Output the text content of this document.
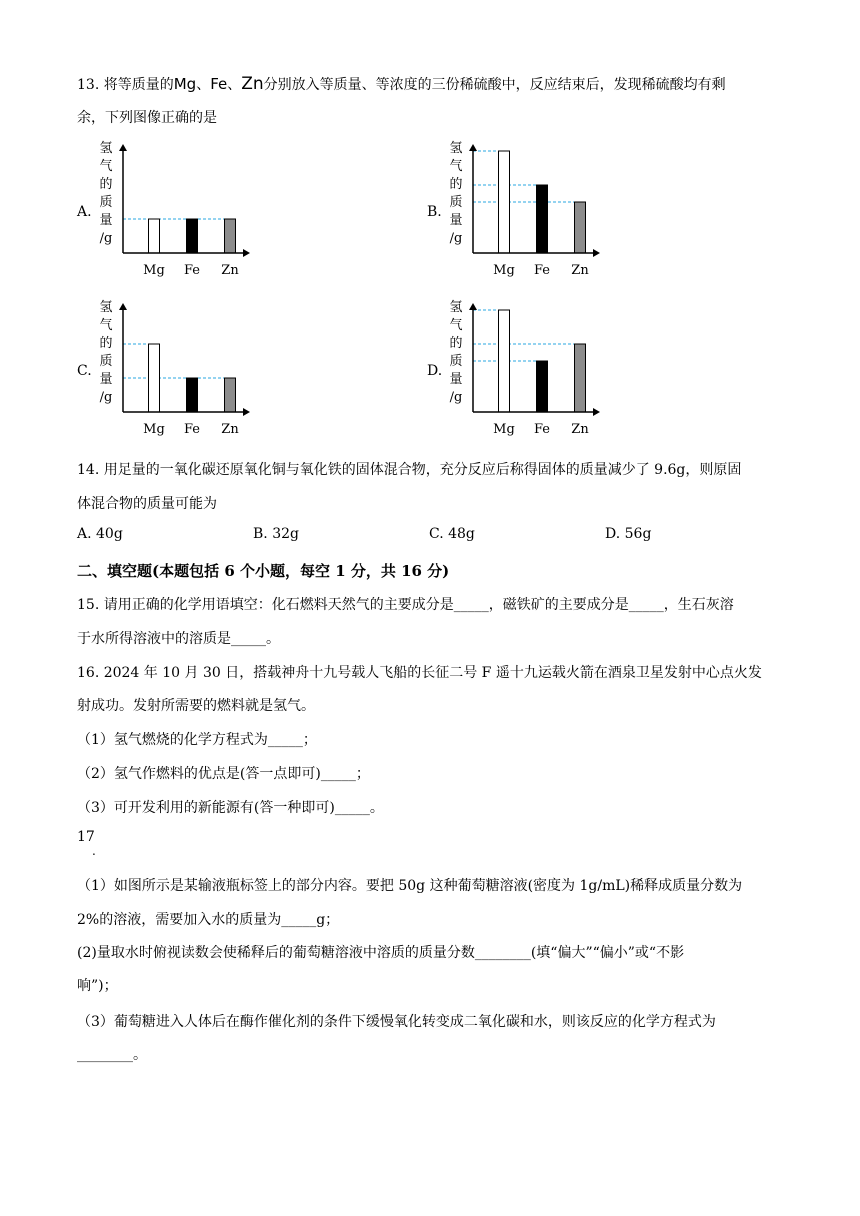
13. 将等质量的Mg、Fe、Zn分别放入等质量、等浓度的三份稀硫酸中，反应结束后，发现稀硫酸均有剩
余，下列图像正确的是
A.	B.
C.	D.
氢
气
的
质
量
/g
Mg Fe Zn
氢
气
的
质
量
/g
Mg Fe Zn
氢
气
的
质
量
/g
Mg Fe Zn
氢
气
的
质
量
/g
Mg Fe Zn
14. 用足量的一氧化碳还原氧化铜与氧化铁的固体混合物，充分反应后称得固体的质量减少了 9.6g，则原固
体混合物的质量可能为
A. 40g	B. 32g	C. 48g	D. 56g
二、填空题(本题包括 6 个小题，每空 1 分，共 16 分)
15. 请用正确的化学用语填空：化石燃料天然气的主要成分是_____，磁铁矿的主要成分是_____，生石灰溶
于水所得溶液中的溶质是_____。
16. 2024 年 10 月 30 日，搭载神舟十九号载人飞船的长征二号 F 遥十九运载火箭在酒泉卫星发射中心点火发
射成功。发射所需要的燃料就是氢气。
（1）氢气燃烧的化学方程式为_____；
（2）氢气作燃料的优点是(答一点即可)_____；
（3）可开发利用的新能源有(答一种即可)_____。
17
.
（1）如图所示是某输液瓶标签上的部分内容。要把 50g 这种葡萄糖溶液(密度为 1g/mL)稀释成质量分数为
2%的溶液，需要加入水的质量为_____g；
(2)量取水时俯视读数会使稀释后的葡萄糖溶液中溶质的质量分数________(填“偏大”“偏小”或“不影
响”)；
（3）葡萄糖进入人体后在酶作催化剂的条件下缓慢氧化转变成二氧化碳和水，则该反应的化学方程式为
________。
